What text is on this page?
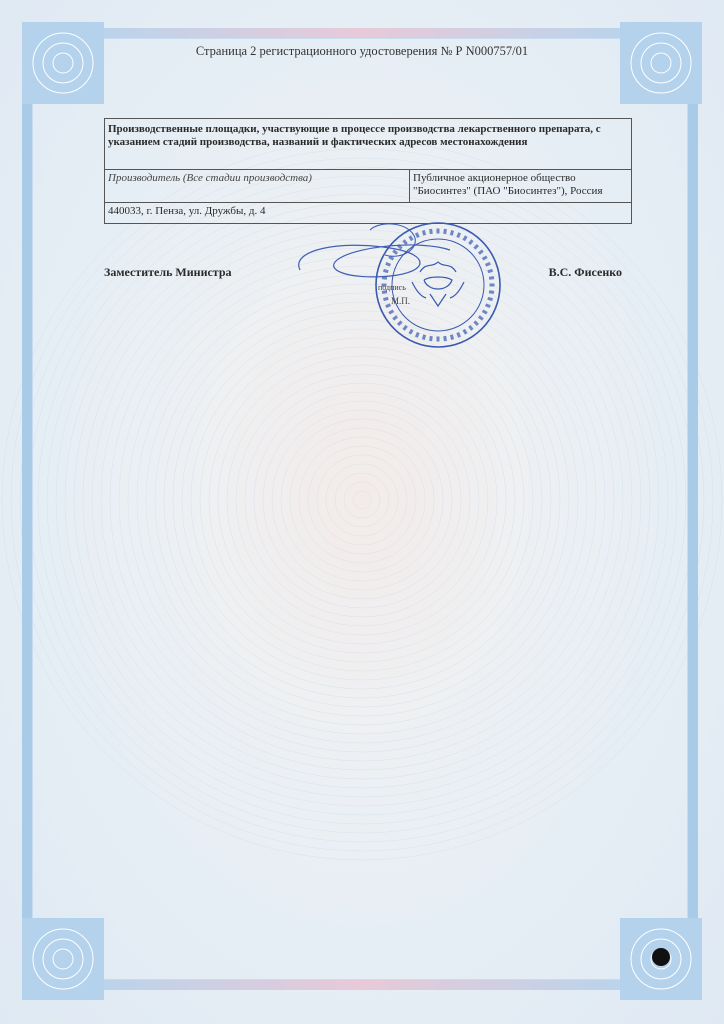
Страница 2 регистрационного удостоверения № Р N000757/01
Производственные площадки, участвующие в процессе производства лекарственного препарата, с указанием стадий производства, названий и фактических адресов местонахождения
Производитель (Все стадии производства)	Публичное акционерное общество "Биосинтез" (ПАО "Биосинтез"), Россия
440033, г. Пенза, ул. Дружбы, д. 4
Заместитель Министра	В.С. Фисенко
подпись
М.П.
